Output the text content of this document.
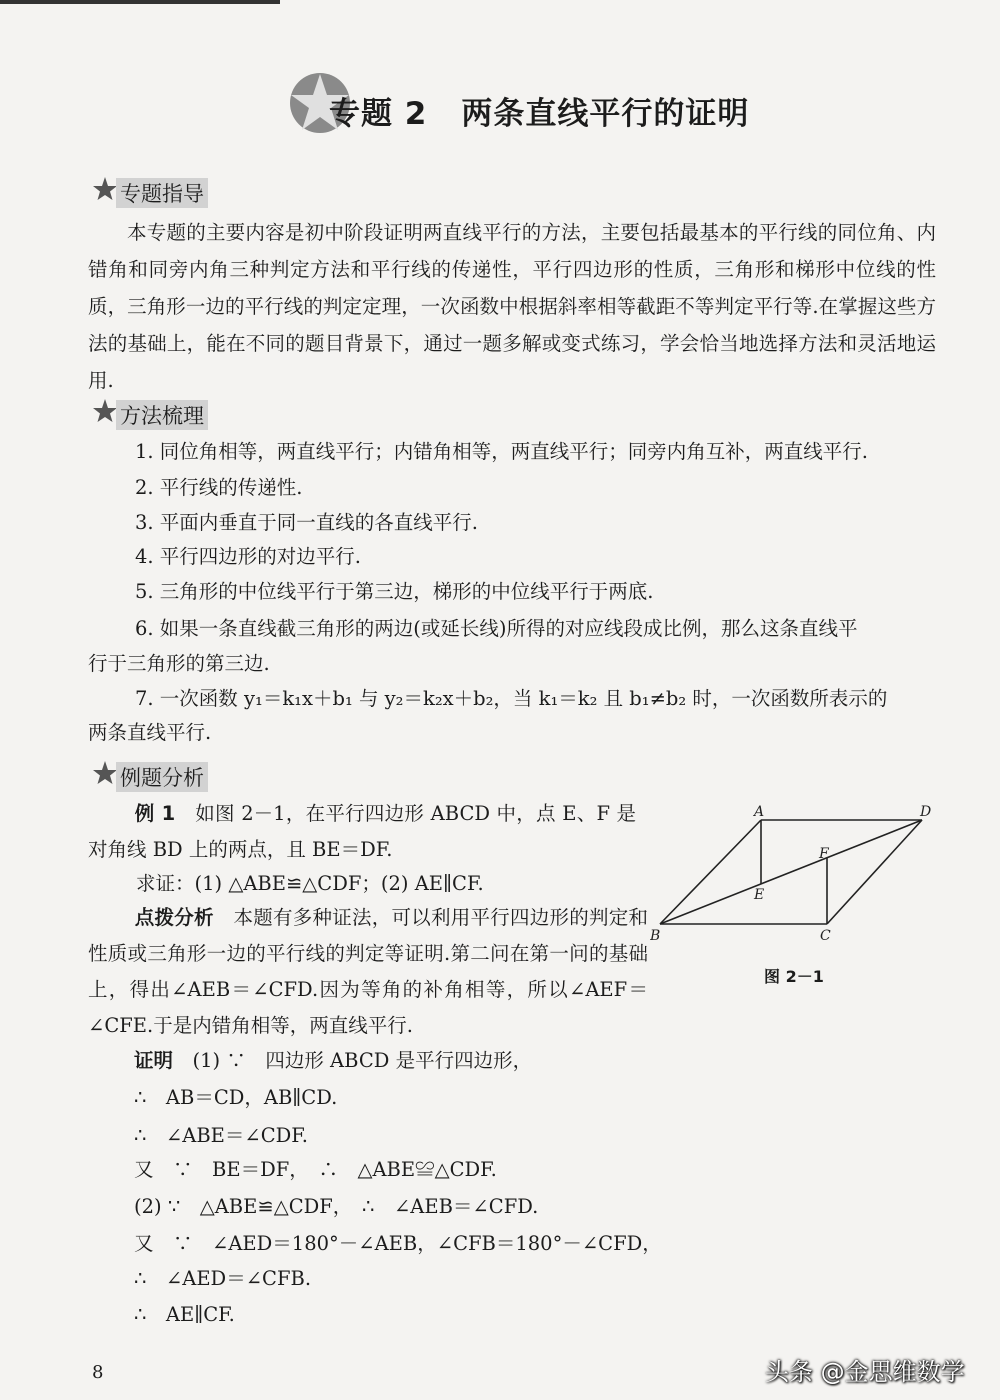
专题 2 两条直线平行的证明
专题指导

本专题的主要内容是初中阶段证明两直线平行的方法，主要包括最基本的平行线的同位角、内错角和同旁内角三种判定方法和平行线的传递性，平行四边形的性质，三角形和梯形中位线的性质，三角形一边的平行线的判定定理，一次函数中根据斜率相等截距不等判定平行等.在掌握这些方法的基础上，能在不同的题目背景下，通过一题多解或变式练习，学会恰当地选择方法和灵活地运用.

方法梳理

1. 同位角相等，两直线平行；内错角相等，两直线平行；同旁内角互补，两直线平行.

2. 平行线的传递性.

3. 平面内垂直于同一直线的各直线平行.

4. 平行四边形的对边平行.

5. 三角形的中位线平行于第三边，梯形的中位线平行于两底.

6. 如果一条直线截三角形的两边(或延长线)所得的对应线段成比例，那么这条直线平

行于三角形的第三边.

7. 一次函数 y₁＝k₁x＋b₁ 与 y₂＝k₂x＋b₂，当 k₁＝k₂ 且 b₁≠b₂ 时，一次函数所表示的

两条直线平行.

例题分析

例 1　 如图 2－1，在平行四边形 ABCD 中，点 E、F 是对角线 BD 上的两点，且 BE＝DF.

求证：(1) △ABE≌△CDF；(2) AE∥CF.

点拨分析　 本题有多种证法，可以利用平行四边形的判定和性质或三角形一边的平行线的判定等证明.第二问在第一问的基础上，得出∠AEB＝∠CFD.因为等角的补角相等，所以∠AEF＝∠CFE.于是内错角相等，两直线平行.

A	D
B	C
E
F
图 2－1

证明　 (1) ∵　四边形 ABCD 是平行四边形，

∴　AB＝CD，AB∥CD.

∴　∠ABE＝∠CDF.

又　∵　BE＝DF，　∴　△ABE≌△CDF.

(2) ∵　△ABE≌△CDF，　∴　∠AEB＝∠CFD.

又　∵　∠AED＝180°－∠AEB，∠CFB＝180°－∠CFD，

∴　∠AED＝∠CFB.

∴　AE∥CF.

8	头条 @金思维数学
